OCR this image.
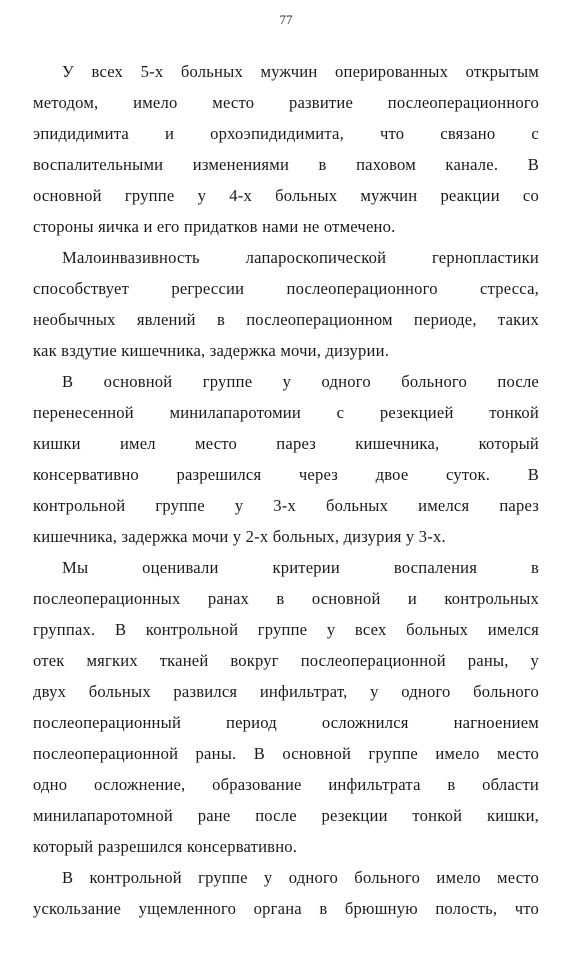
77
У всех 5-х больных мужчин оперированных открытым
методом, имело место развитие послеоперационного
эпидидимита и орхоэпидидимита, что связано с
воспалительными изменениями в паховом канале. В
основной группе у 4-х больных мужчин реакции со
стороны яичка и его придатков нами не отмечено.
Малоинвазивность лапароскопической гернопластики
способствует регрессии послеоперационного стресса,
необычных явлений в послеоперационном периоде, таких
как вздутие кишечника, задержка мочи, дизурии.
В основной группе у одного больного после
перенесенной минилапаротомии с резекцией тонкой
кишки имел место парез кишечника, который
консервативно разрешился через двое суток. В
контрольной группе у 3-х больных имелся парез
кишечника, задержка мочи у 2-х больных, дизурия у 3-х.
Мы оценивали критерии воспаления в
послеоперационных ранах в основной и контрольных
группах. В контрольной группе у всех больных имелся
отек мягких тканей вокруг послеоперационной раны, у
двух больных развился инфильтрат, у одного больного
послеоперационный период осложнился нагноением
послеоперационной раны. В основной группе имело место
одно осложнение, образование инфильтрата в области
минилапаротомной ране после резекции тонкой кишки,
который разрешился консервативно.
В контрольной группе у одного больного имело место
ускользание ущемленного органа в брюшную полость, что
